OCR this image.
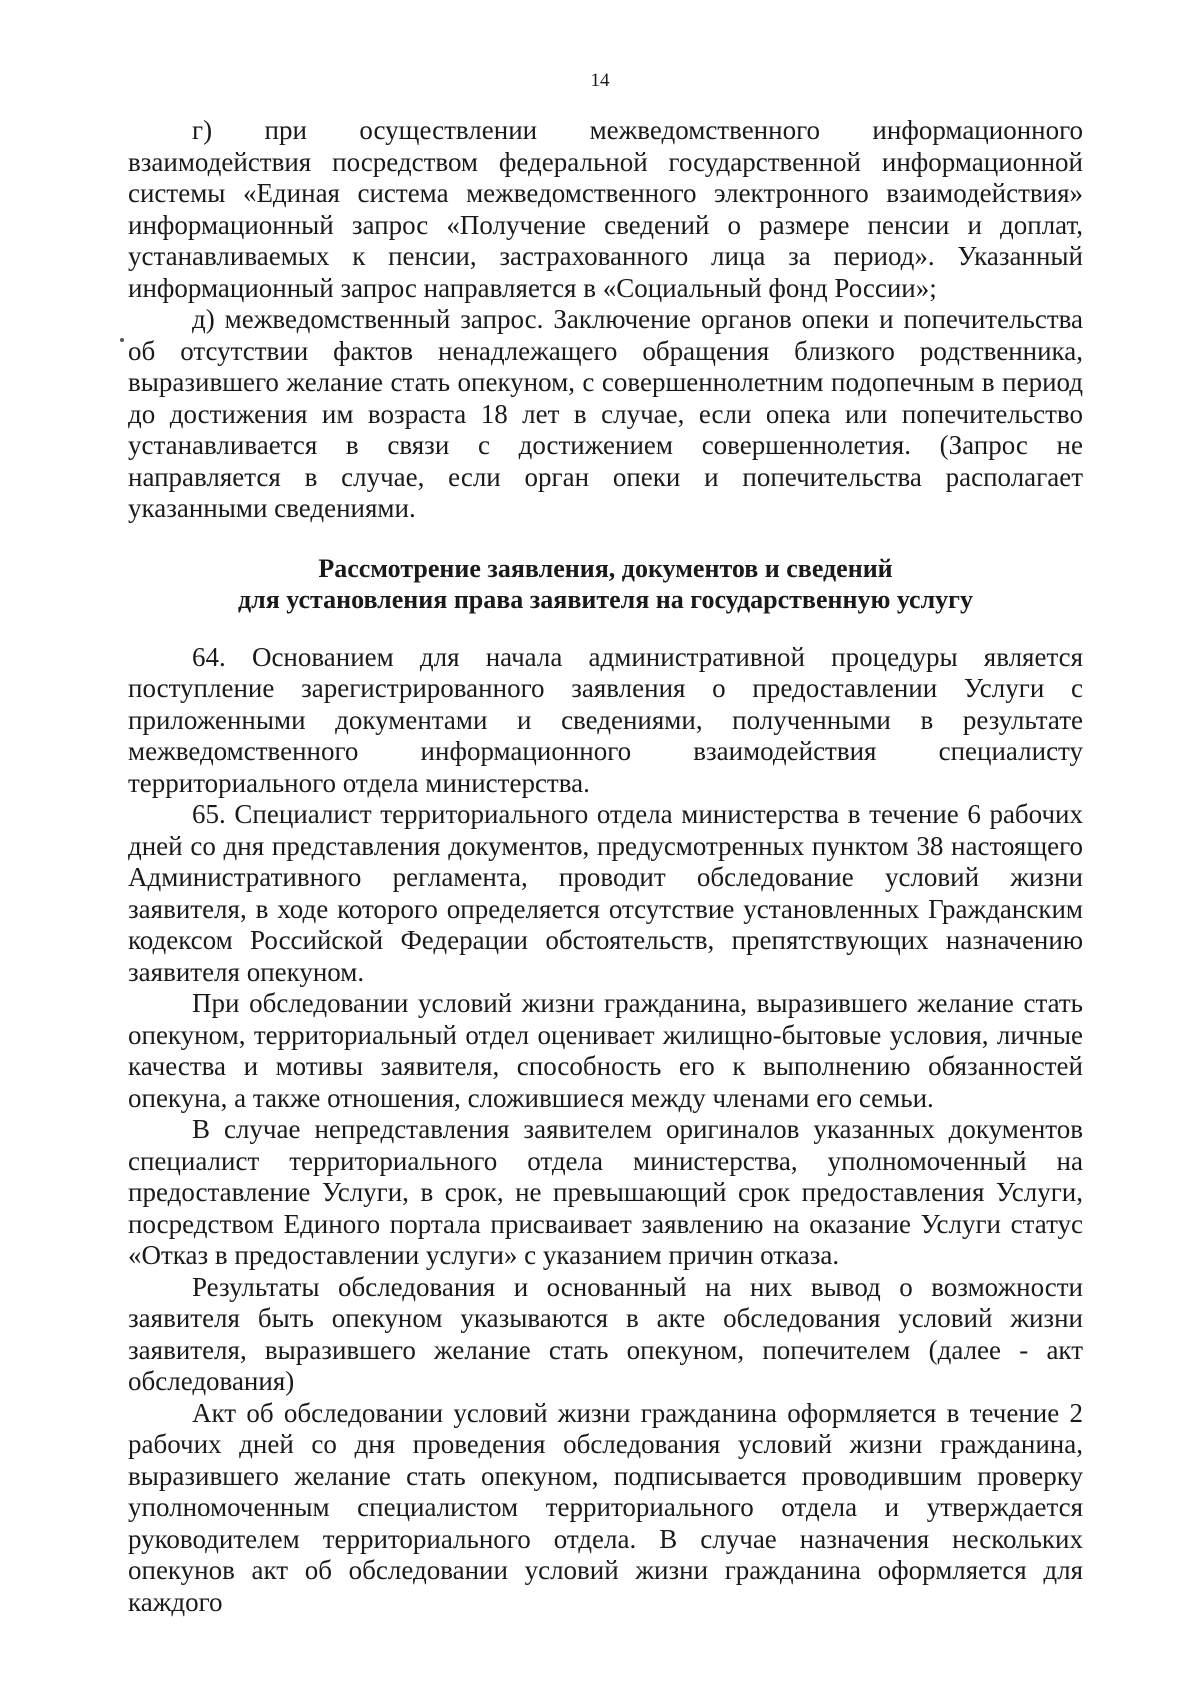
14

г) при осуществлении межведомственного информационного взаимодействия посредством федеральной государственной информационной системы «Единая система межведомственного электронного взаимодействия» информационный запрос «Получение сведений о размере пенсии и доплат, устанавливаемых к пенсии, застрахованного лица за период». Указанный информационный запрос направляется в «Социальный фонд России»;

д) межведомственный запрос. Заключение органов опеки и попечительства об отсутствии фактов ненадлежащего обращения близкого родственника, выразившего желание стать опекуном, с совершеннолетним подопечным в период до достижения им возраста 18 лет в случае, если опека или попечительство устанавливается в связи с достижением совершеннолетия. (Запрос не направляется в случае, если орган опеки и попечительства располагает указанными сведениями.

Рассмотрение заявления, документов и сведений
для установления права заявителя на государственную услугу

64. Основанием для начала административной процедуры является поступление зарегистрированного заявления о предоставлении Услуги с приложенными документами и сведениями, полученными в результате межведомственного информационного взаимодействия специалисту территориального отдела министерства.

65. Специалист территориального отдела министерства в течение 6 рабочих дней со дня представления документов, предусмотренных пунктом 38 настоящего Административного регламента, проводит обследование условий жизни заявителя, в ходе которого определяется отсутствие установленных Гражданским кодексом Российской Федерации обстоятельств, препятствующих назначению заявителя опекуном.

При обследовании условий жизни гражданина, выразившего желание стать опекуном, территориальный отдел оценивает жилищно-бытовые условия, личные качества и мотивы заявителя, способность его к выполнению обязанностей опекуна, а также отношения, сложившиеся между членами его семьи.

В случае непредставления заявителем оригиналов указанных документов специалист территориального отдела министерства, уполномоченный на предоставление Услуги, в срок, не превышающий срок предоставления Услуги, посредством Единого портала присваивает заявлению на оказание Услуги статус «Отказ в предоставлении услуги» с указанием причин отказа.

Результаты обследования и основанный на них вывод о возможности заявителя быть опекуном указываются в акте обследования условий жизни заявителя, выразившего желание стать опекуном, попечителем (далее - акт обследования)

Акт об обследовании условий жизни гражданина оформляется в течение 2 рабочих дней со дня проведения обследования условий жизни гражданина, выразившего желание стать опекуном, подписывается проводившим проверку уполномоченным специалистом территориального отдела и утверждается руководителем территориального отдела. В случае назначения нескольких опекунов акт об обследовании условий жизни гражданина оформляется для каждого
